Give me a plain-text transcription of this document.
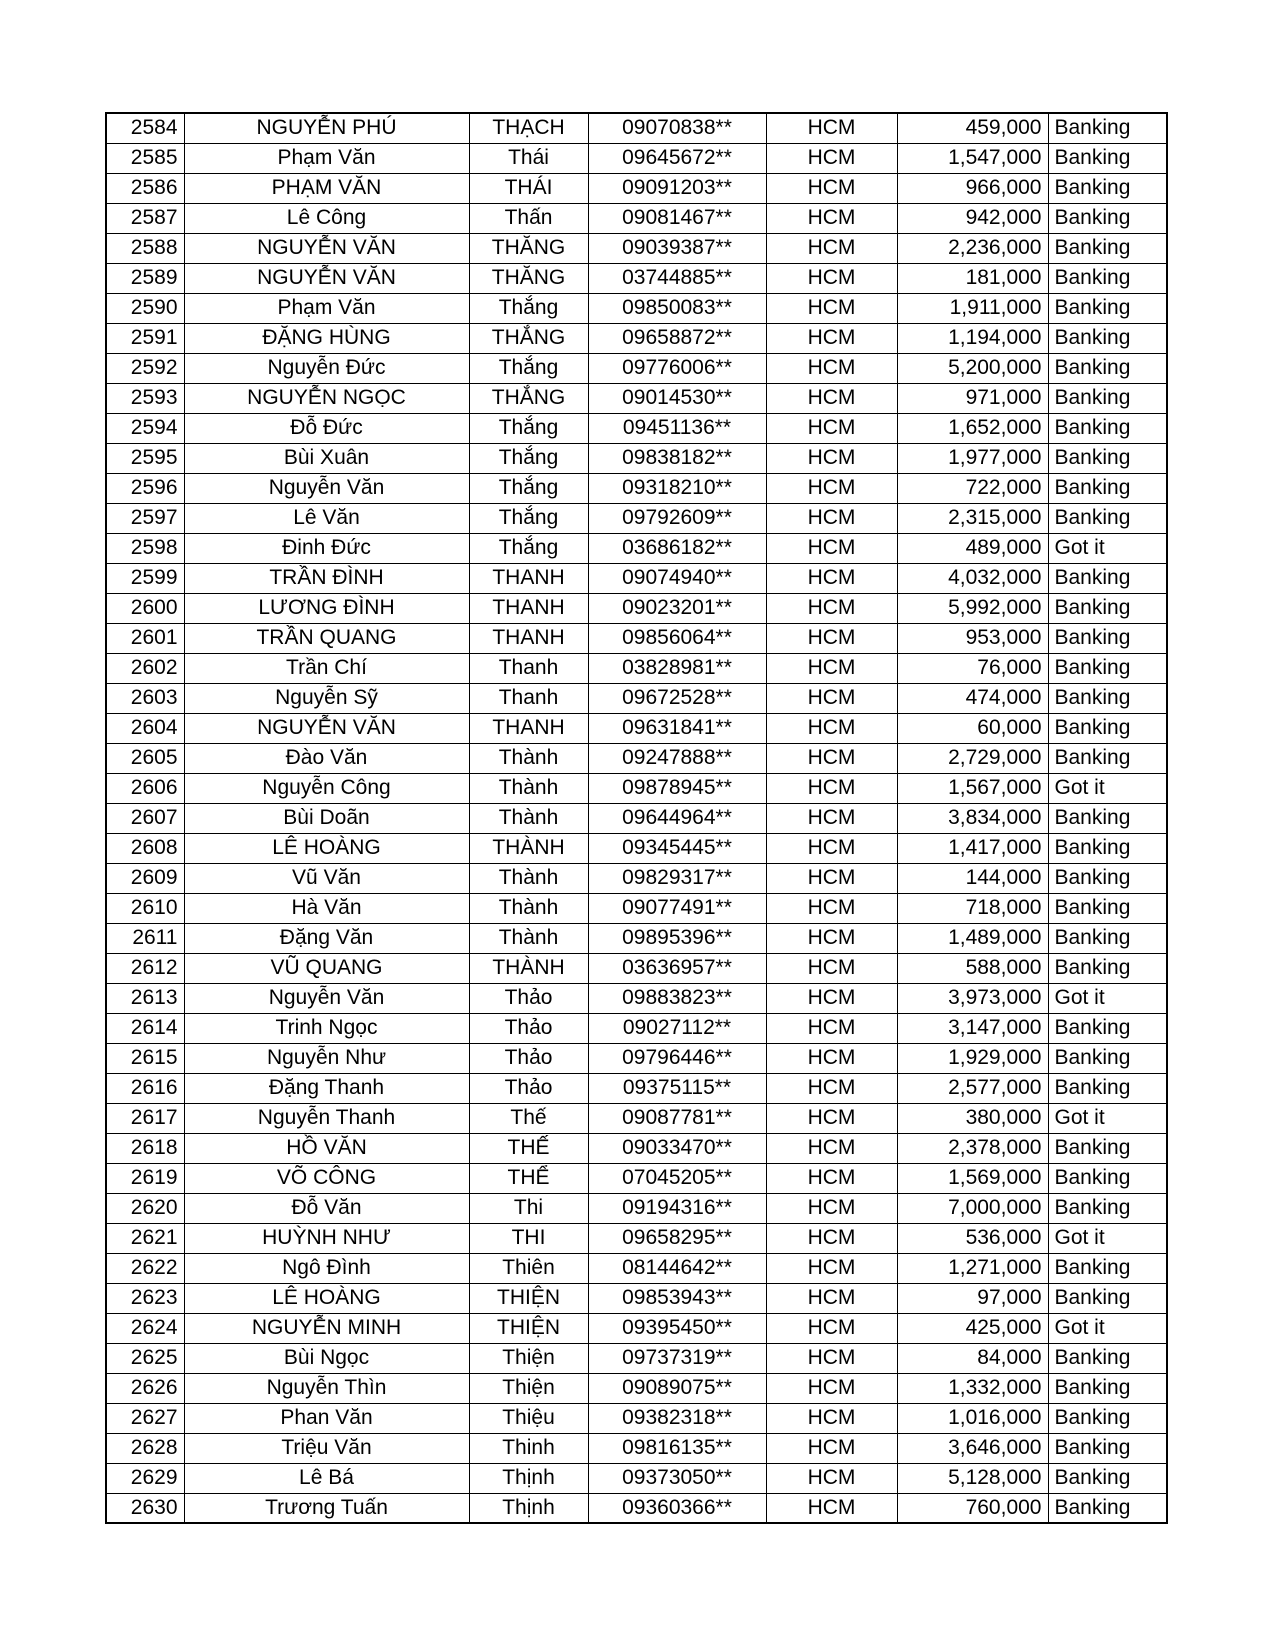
2584	NGUYỄN PHÚ	THẠCH	09070838**	HCM	459,000	Banking
2585	Phạm Văn	Thái	09645672**	HCM	1,547,000	Banking
2586	PHẠM VĂN	THÁI	09091203**	HCM	966,000	Banking
2587	Lê Công	Thấn	09081467**	HCM	942,000	Banking
2588	NGUYỄN VĂN	THĂNG	09039387**	HCM	2,236,000	Banking
2589	NGUYỄN VĂN	THĂNG	03744885**	HCM	181,000	Banking
2590	Phạm Văn	Thắng	09850083**	HCM	1,911,000	Banking
2591	ĐẶNG HÙNG	THẮNG	09658872**	HCM	1,194,000	Banking
2592	Nguyễn Đức	Thắng	09776006**	HCM	5,200,000	Banking
2593	NGUYỄN NGỌC	THẮNG	09014530**	HCM	971,000	Banking
2594	Đỗ Đức	Thắng	09451136**	HCM	1,652,000	Banking
2595	Bùi Xuân	Thắng	09838182**	HCM	1,977,000	Banking
2596	Nguyễn Văn	Thắng	09318210**	HCM	722,000	Banking
2597	Lê Văn	Thắng	09792609**	HCM	2,315,000	Banking
2598	Đinh Đức	Thắng	03686182**	HCM	489,000	Got it
2599	TRẦN ĐÌNH	THANH	09074940**	HCM	4,032,000	Banking
2600	LƯƠNG ĐÌNH	THANH	09023201**	HCM	5,992,000	Banking
2601	TRẦN QUANG	THANH	09856064**	HCM	953,000	Banking
2602	Trần Chí	Thanh	03828981**	HCM	76,000	Banking
2603	Nguyễn Sỹ	Thanh	09672528**	HCM	474,000	Banking
2604	NGUYỄN VĂN	THANH	09631841**	HCM	60,000	Banking
2605	Đào Văn	Thành	09247888**	HCM	2,729,000	Banking
2606	Nguyễn Công	Thành	09878945**	HCM	1,567,000	Got it
2607	Bùi Doãn	Thành	09644964**	HCM	3,834,000	Banking
2608	LÊ HOÀNG	THÀNH	09345445**	HCM	1,417,000	Banking
2609	Vũ Văn	Thành	09829317**	HCM	144,000	Banking
2610	Hà Văn	Thành	09077491**	HCM	718,000	Banking
2611	Đặng Văn	Thành	09895396**	HCM	1,489,000	Banking
2612	VŨ QUANG	THÀNH	03636957**	HCM	588,000	Banking
2613	Nguyễn Văn	Thảo	09883823**	HCM	3,973,000	Got it
2614	Trinh Ngọc	Thảo	09027112**	HCM	3,147,000	Banking
2615	Nguyễn Như	Thảo	09796446**	HCM	1,929,000	Banking
2616	Đặng Thanh	Thảo	09375115**	HCM	2,577,000	Banking
2617	Nguyễn Thanh	Thế	09087781**	HCM	380,000	Got it
2618	HỒ VĂN	THẾ	09033470**	HCM	2,378,000	Banking
2619	VÕ CÔNG	THỂ	07045205**	HCM	1,569,000	Banking
2620	Đỗ Văn	Thi	09194316**	HCM	7,000,000	Banking
2621	HUỲNH NHƯ	THI	09658295**	HCM	536,000	Got it
2622	Ngô Đình	Thiên	08144642**	HCM	1,271,000	Banking
2623	LÊ HOÀNG	THIỆN	09853943**	HCM	97,000	Banking
2624	NGUYỄN MINH	THIỆN	09395450**	HCM	425,000	Got it
2625	Bùi Ngọc	Thiện	09737319**	HCM	84,000	Banking
2626	Nguyễn Thìn	Thiện	09089075**	HCM	1,332,000	Banking
2627	Phan Văn	Thiệu	09382318**	HCM	1,016,000	Banking
2628	Triệu Văn	Thinh	09816135**	HCM	3,646,000	Banking
2629	Lê Bá	Thịnh	09373050**	HCM	5,128,000	Banking
2630	Trương Tuấn	Thịnh	09360366**	HCM	760,000	Banking
